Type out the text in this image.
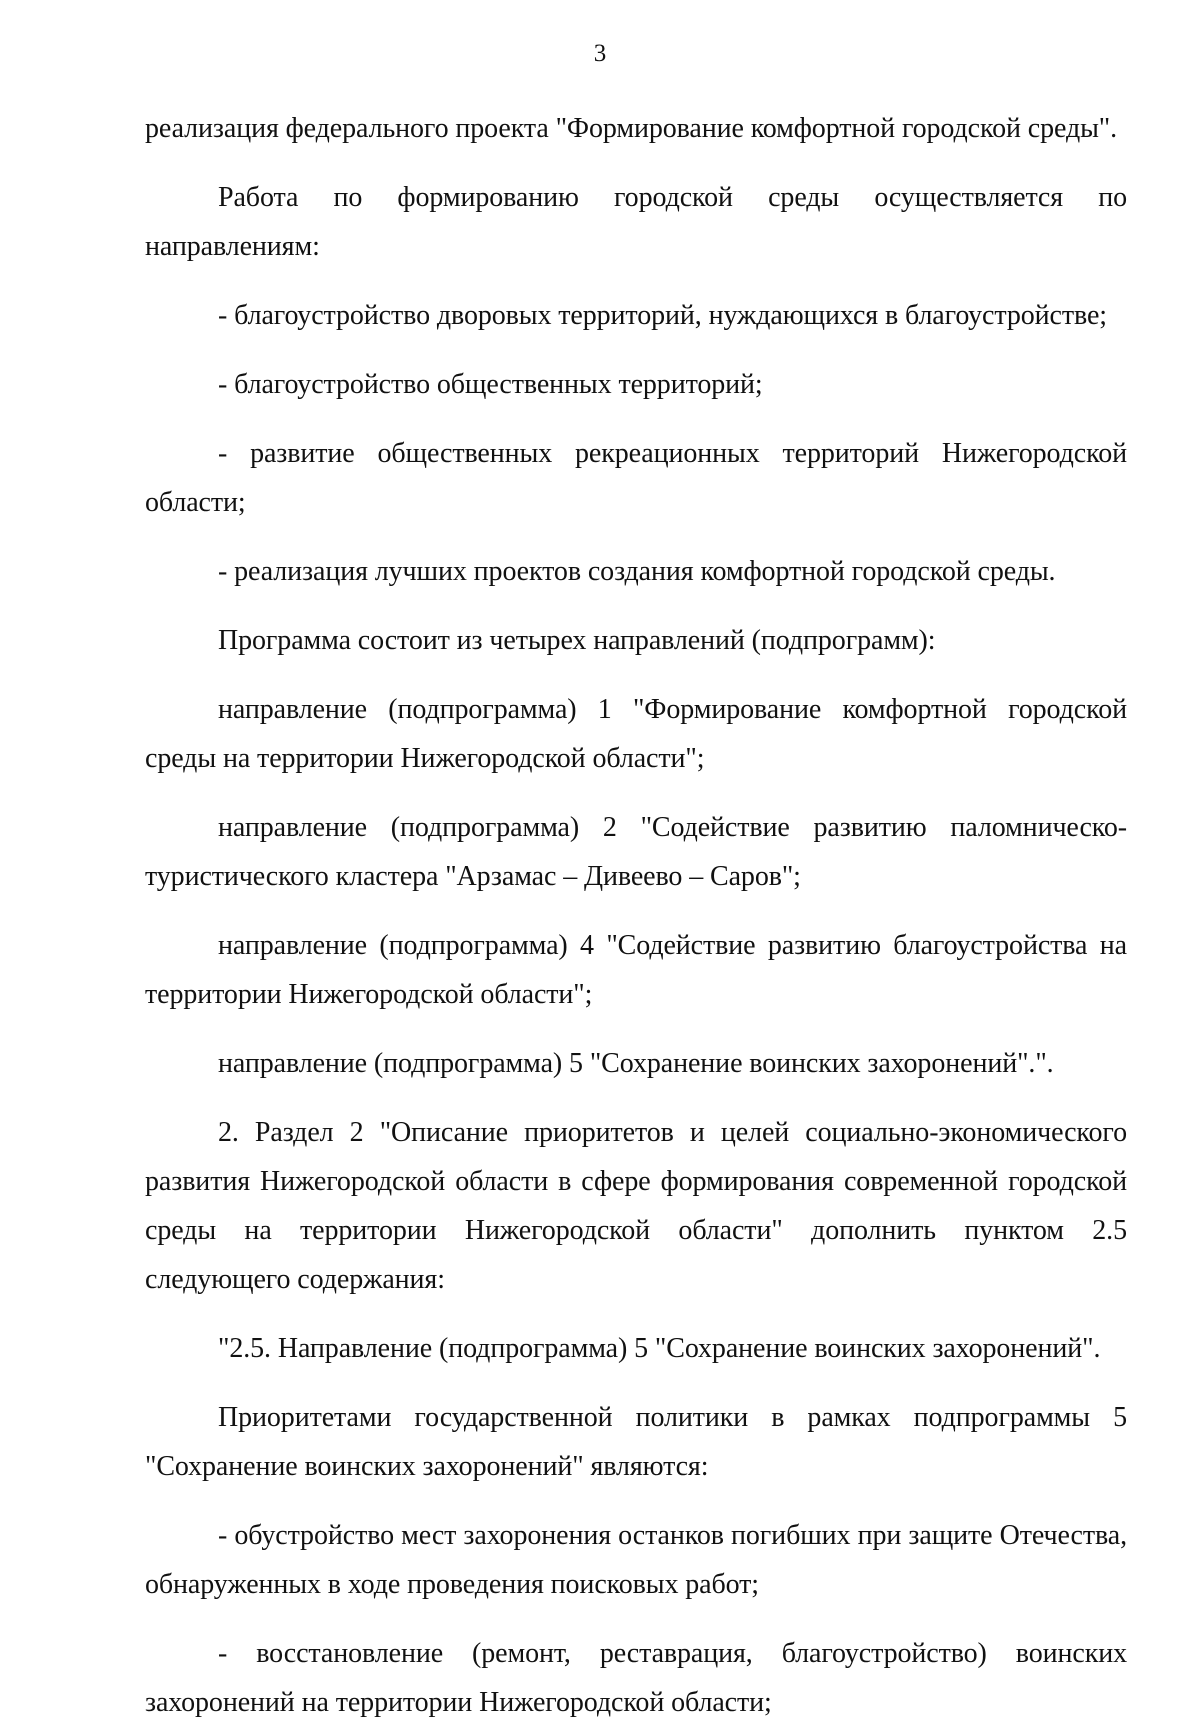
3

реализация федерального проекта "Формирование комфортной городской среды".

Работа по формированию городской среды осуществляется по направлениям:

- благоустройство дворовых территорий, нуждающихся в благоустройстве;

- благоустройство общественных территорий;

- развитие общественных рекреационных территорий Нижегородской области;

- реализация лучших проектов создания комфортной городской среды.

Программа состоит из четырех направлений (подпрограмм):

направление (подпрограмма) 1 "Формирование комфортной городской среды на территории Нижегородской области";

направление (подпрограмма) 2 "Содействие развитию паломническо-туристического кластера "Арзамас – Дивеево – Саров";

направление (подпрограмма) 4 "Содействие развитию благоустройства на территории Нижегородской области";

направление (подпрограмма) 5 "Сохранение воинских захоронений".".

2. Раздел 2 "Описание приоритетов и целей социально-экономического развития Нижегородской области в сфере формирования современной городской среды на территории Нижегородской области" дополнить пунктом 2.5 следующего содержания:

"2.5. Направление (подпрограмма) 5 "Сохранение воинских захоронений".

Приоритетами государственной политики в рамках подпрограммы 5 "Сохранение воинских захоронений" являются:

- обустройство мест захоронения останков погибших при защите Отечества, обнаруженных в ходе проведения поисковых работ;

- восстановление (ремонт, реставрация, благоустройство) воинских захоронений на территории Нижегородской области;
